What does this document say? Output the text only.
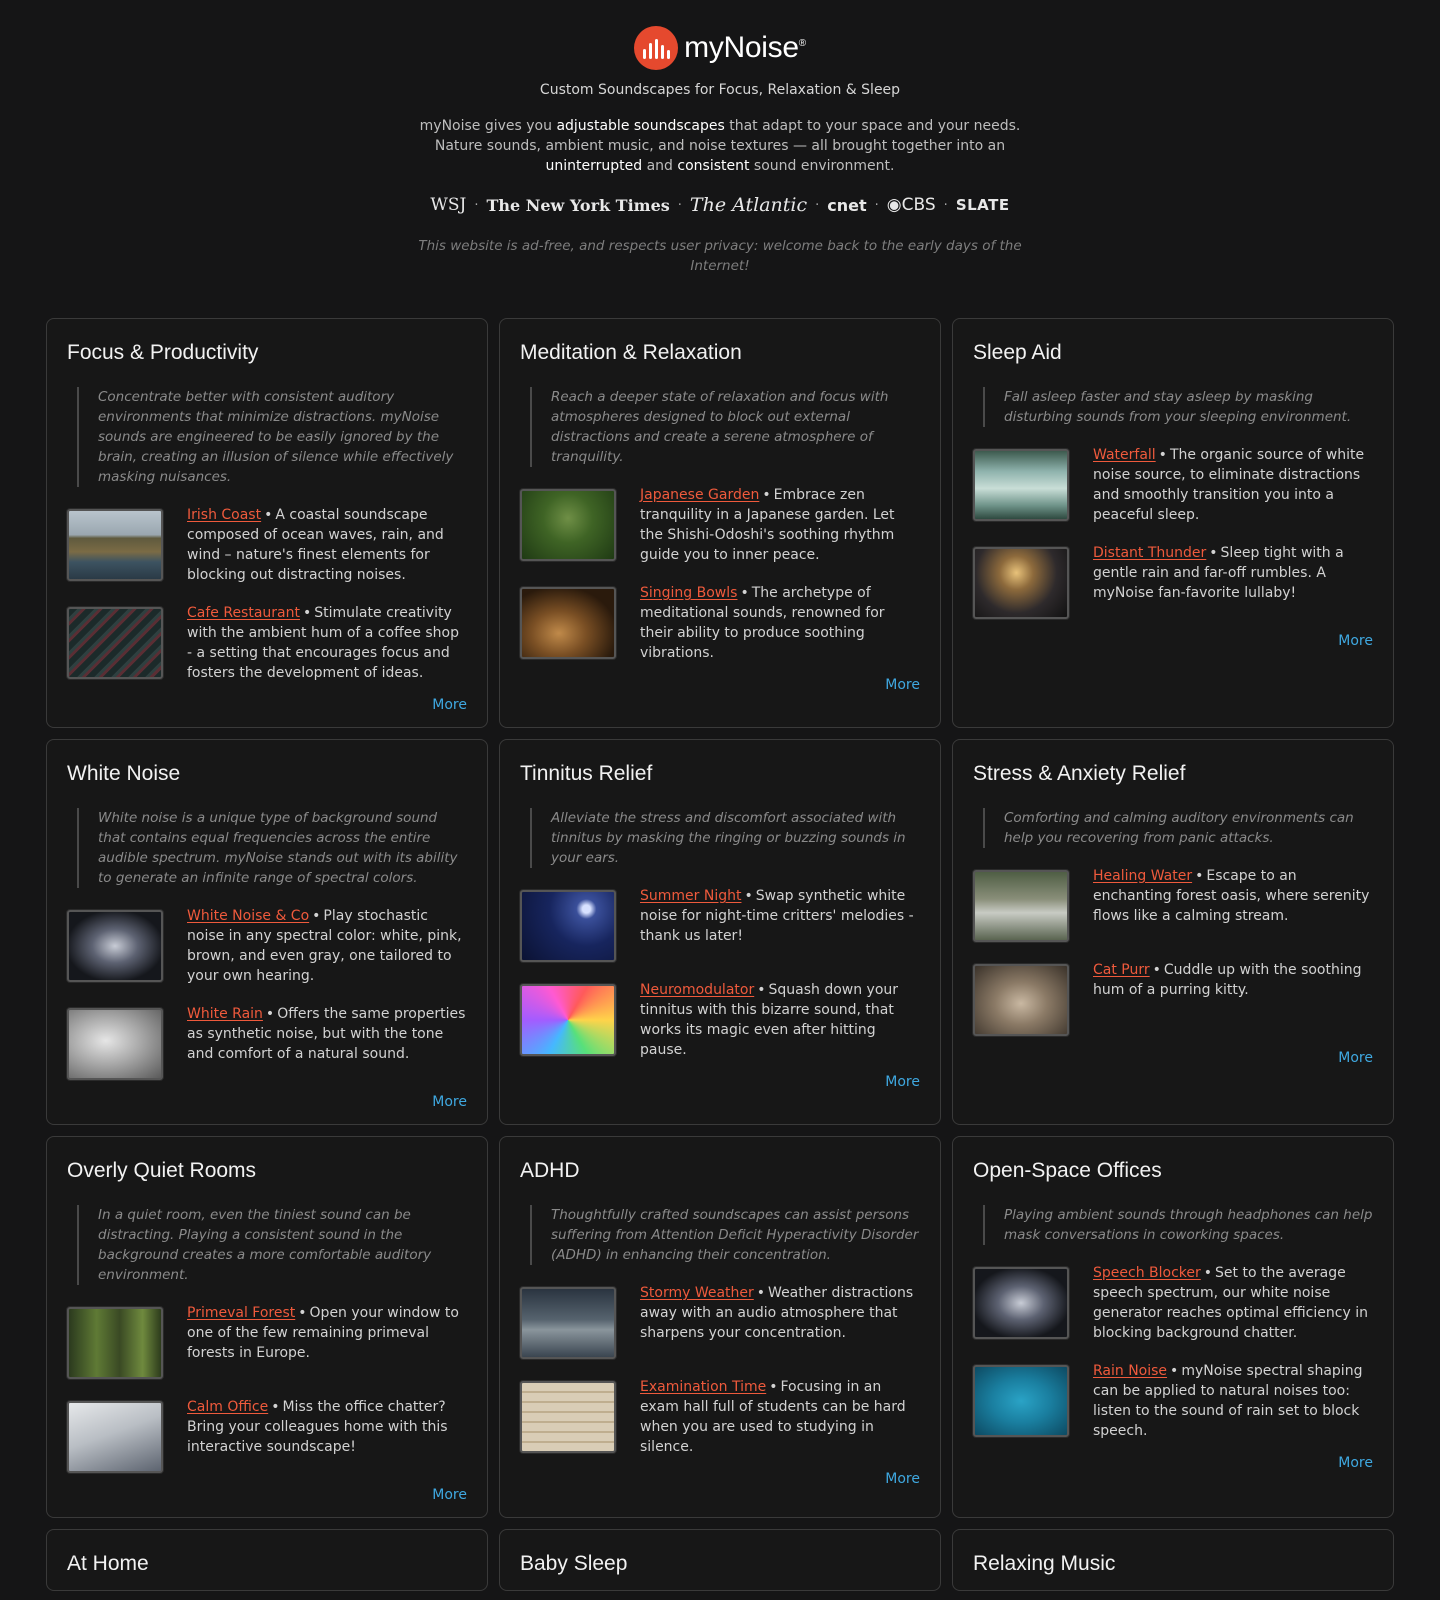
myNoise®
Custom Soundscapes for Focus, Relaxation & Sleep

myNoise gives you adjustable soundscapes that adapt to your space and your needs. Nature sounds, ambient music, and noise textures — all brought together into an uninterrupted and consistent sound environment.

WSJ · The New York Times · The Atlantic · cnet · ◉CBS · SLATE

This website is ad-free, and respects user privacy: welcome back to the early days of the Internet!

Focus & Productivity

Concentrate better with consistent auditory environments that minimize distractions. myNoise sounds are engineered to be easily ignored by the brain, creating an illusion of silence while effectively masking nuisances.

Irish Coast • A coastal soundscape composed of ocean waves, rain, and wind – nature's finest elements for blocking out distracting noises.
Cafe Restaurant • Stimulate creativity with the ambient hum of a coffee shop - a setting that encourages focus and fosters the development of ideas.
More
Meditation & Relaxation

Reach a deeper state of relaxation and focus with atmospheres designed to block out external distractions and create a serene atmosphere of tranquility.

Japanese Garden • Embrace zen tranquility in a Japanese garden. Let the Shishi-Odoshi's soothing rhythm guide you to inner peace.
Singing Bowls • The archetype of meditational sounds, renowned for their ability to produce soothing vibrations.
More
Sleep Aid

Fall asleep faster and stay asleep by masking disturbing sounds from your sleeping environment.

Waterfall • The organic source of white noise source, to eliminate distractions and smoothly transition you into a peaceful sleep.
Distant Thunder • Sleep tight with a gentle rain and far-off rumbles. A myNoise fan-favorite lullaby!
More
White Noise

White noise is a unique type of background sound that contains equal frequencies across the entire audible spectrum. myNoise stands out with its ability to generate an infinite range of spectral colors.

White Noise & Co • Play stochastic noise in any spectral color: white, pink, brown, and even gray, one tailored to your own hearing.
White Rain • Offers the same properties as synthetic noise, but with the tone and comfort of a natural sound.
More
Tinnitus Relief

Alleviate the stress and discomfort associated with tinnitus by masking the ringing or buzzing sounds in your ears.

Summer Night • Swap synthetic white noise for night-time critters' melodies - thank us later!
Neuromodulator • Squash down your tinnitus with this bizarre sound, that works its magic even after hitting pause.
More
Stress & Anxiety Relief

Comforting and calming auditory environments can help you recovering from panic attacks.

Healing Water • Escape to an enchanting forest oasis, where serenity flows like a calming stream.
Cat Purr • Cuddle up with the soothing hum of a purring kitty.
More
Overly Quiet Rooms

In a quiet room, even the tiniest sound can be distracting. Playing a consistent sound in the background creates a more comfortable auditory environment.

Primeval Forest • Open your window to one of the few remaining primeval forests in Europe.
Calm Office • Miss the office chatter? Bring your colleagues home with this interactive soundscape!
More
ADHD

Thoughtfully crafted soundscapes can assist persons suffering from Attention Deficit Hyperactivity Disorder (ADHD) in enhancing their concentration.

Stormy Weather • Weather distractions away with an audio atmosphere that sharpens your concentration.
Examination Time • Focusing in an exam hall full of students can be hard when you are used to studying in silence.
More
Open-Space Offices

Playing ambient sounds through headphones can help mask conversations in coworking spaces.

Speech Blocker • Set to the average speech spectrum, our white noise generator reaches optimal efficiency in blocking background chatter.
Rain Noise • myNoise spectral shaping can be applied to natural noises too: listen to the sound of rain set to block speech.
More
At Home	Baby Sleep	Relaxing Music
